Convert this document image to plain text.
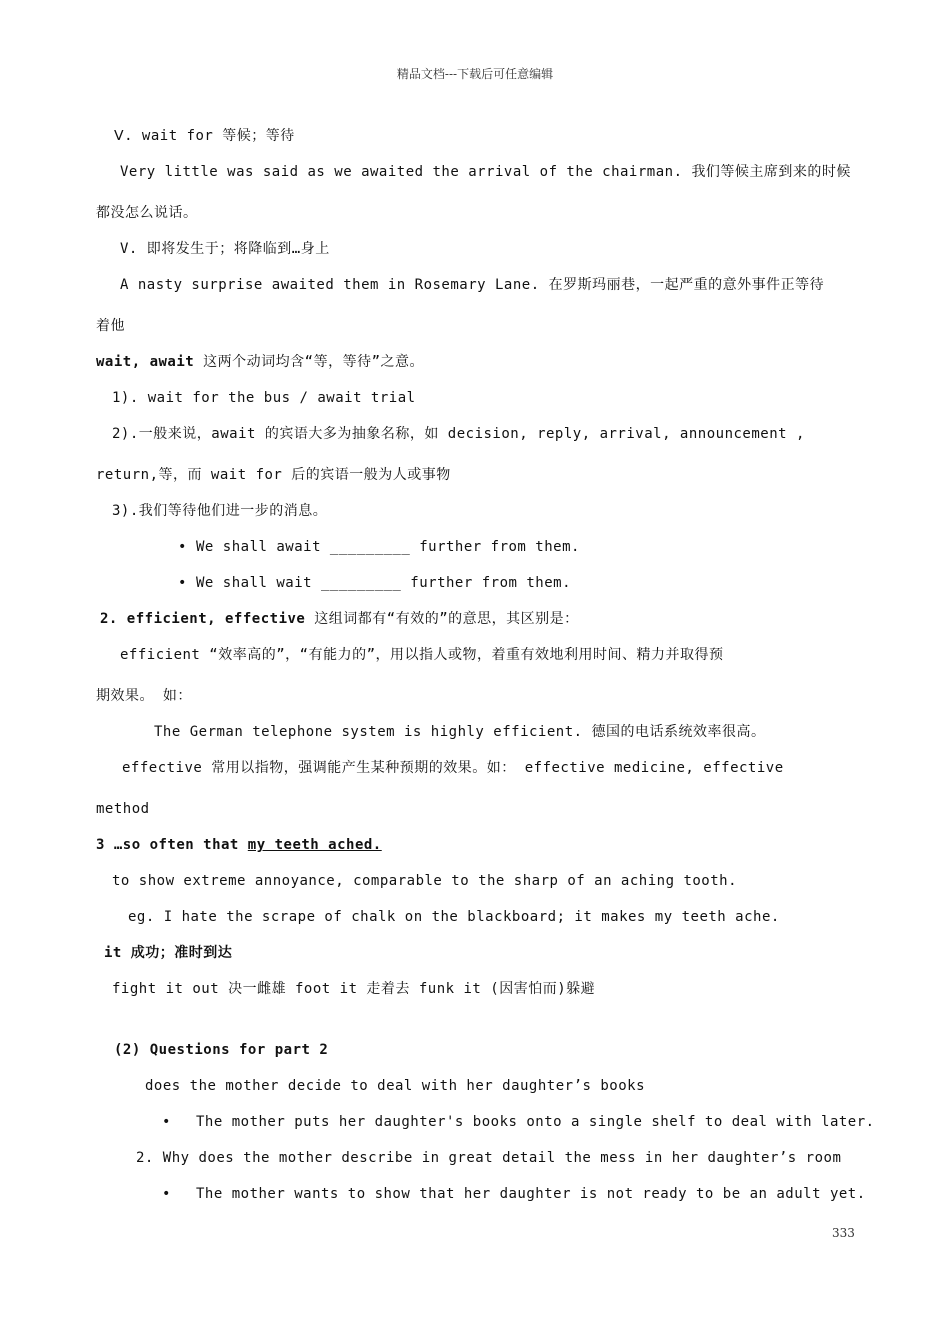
精品文档---下载后可任意编辑
Ⅴ. wait for 等候；等待
Very little was said as we awaited the arrival of the chairman. 我们等候主席到来的时候
都没怎么说话。
V. 即将发生于；将降临到…身上
A nasty surprise awaited them in Rosemary Lane. 在罗斯玛丽巷，一起严重的意外事件正等待
着他
wait, await 这两个动词均含“等，等待”之意。
1). wait for the bus / await trial
2).一般来说，await 的宾语大多为抽象名称，如 decision, reply, arrival, announcement ,
return,等，而 wait for 后的宾语一般为人或事物
3).我们等待他们进一步的消息。
• We shall await _________ further from them.
• We shall wait _________ further from them.
2. efficient, effective 这组词都有“有效的”的意思，其区别是：
efficient “效率高的”，“有能力的”，用以指人或物，着重有效地利用时间、精力并取得预
期效果。 如：
The German telephone system is highly efficient. 德国的电话系统效率很高。
effective 常用以指物，强调能产生某种预期的效果。如： effective medicine, effective
method
3 …so often that my teeth ached.
to show extreme annoyance, comparable to the sharp of an aching tooth.
eg. I hate the scrape of chalk on the blackboard; it makes my teeth ache.
it 成功；准时到达
fight it out 决一雌雄 foot it 走着去 funk it (因害怕而)躲避
(2) Questions for part 2
does the mother decide to deal with her daughter’s books
• The mother puts her daughter's books onto a single shelf to deal with later.
2. Why does the mother describe in great detail the mess in her daughter’s room
• The mother wants to show that her daughter is not ready to be an adult yet.
333
